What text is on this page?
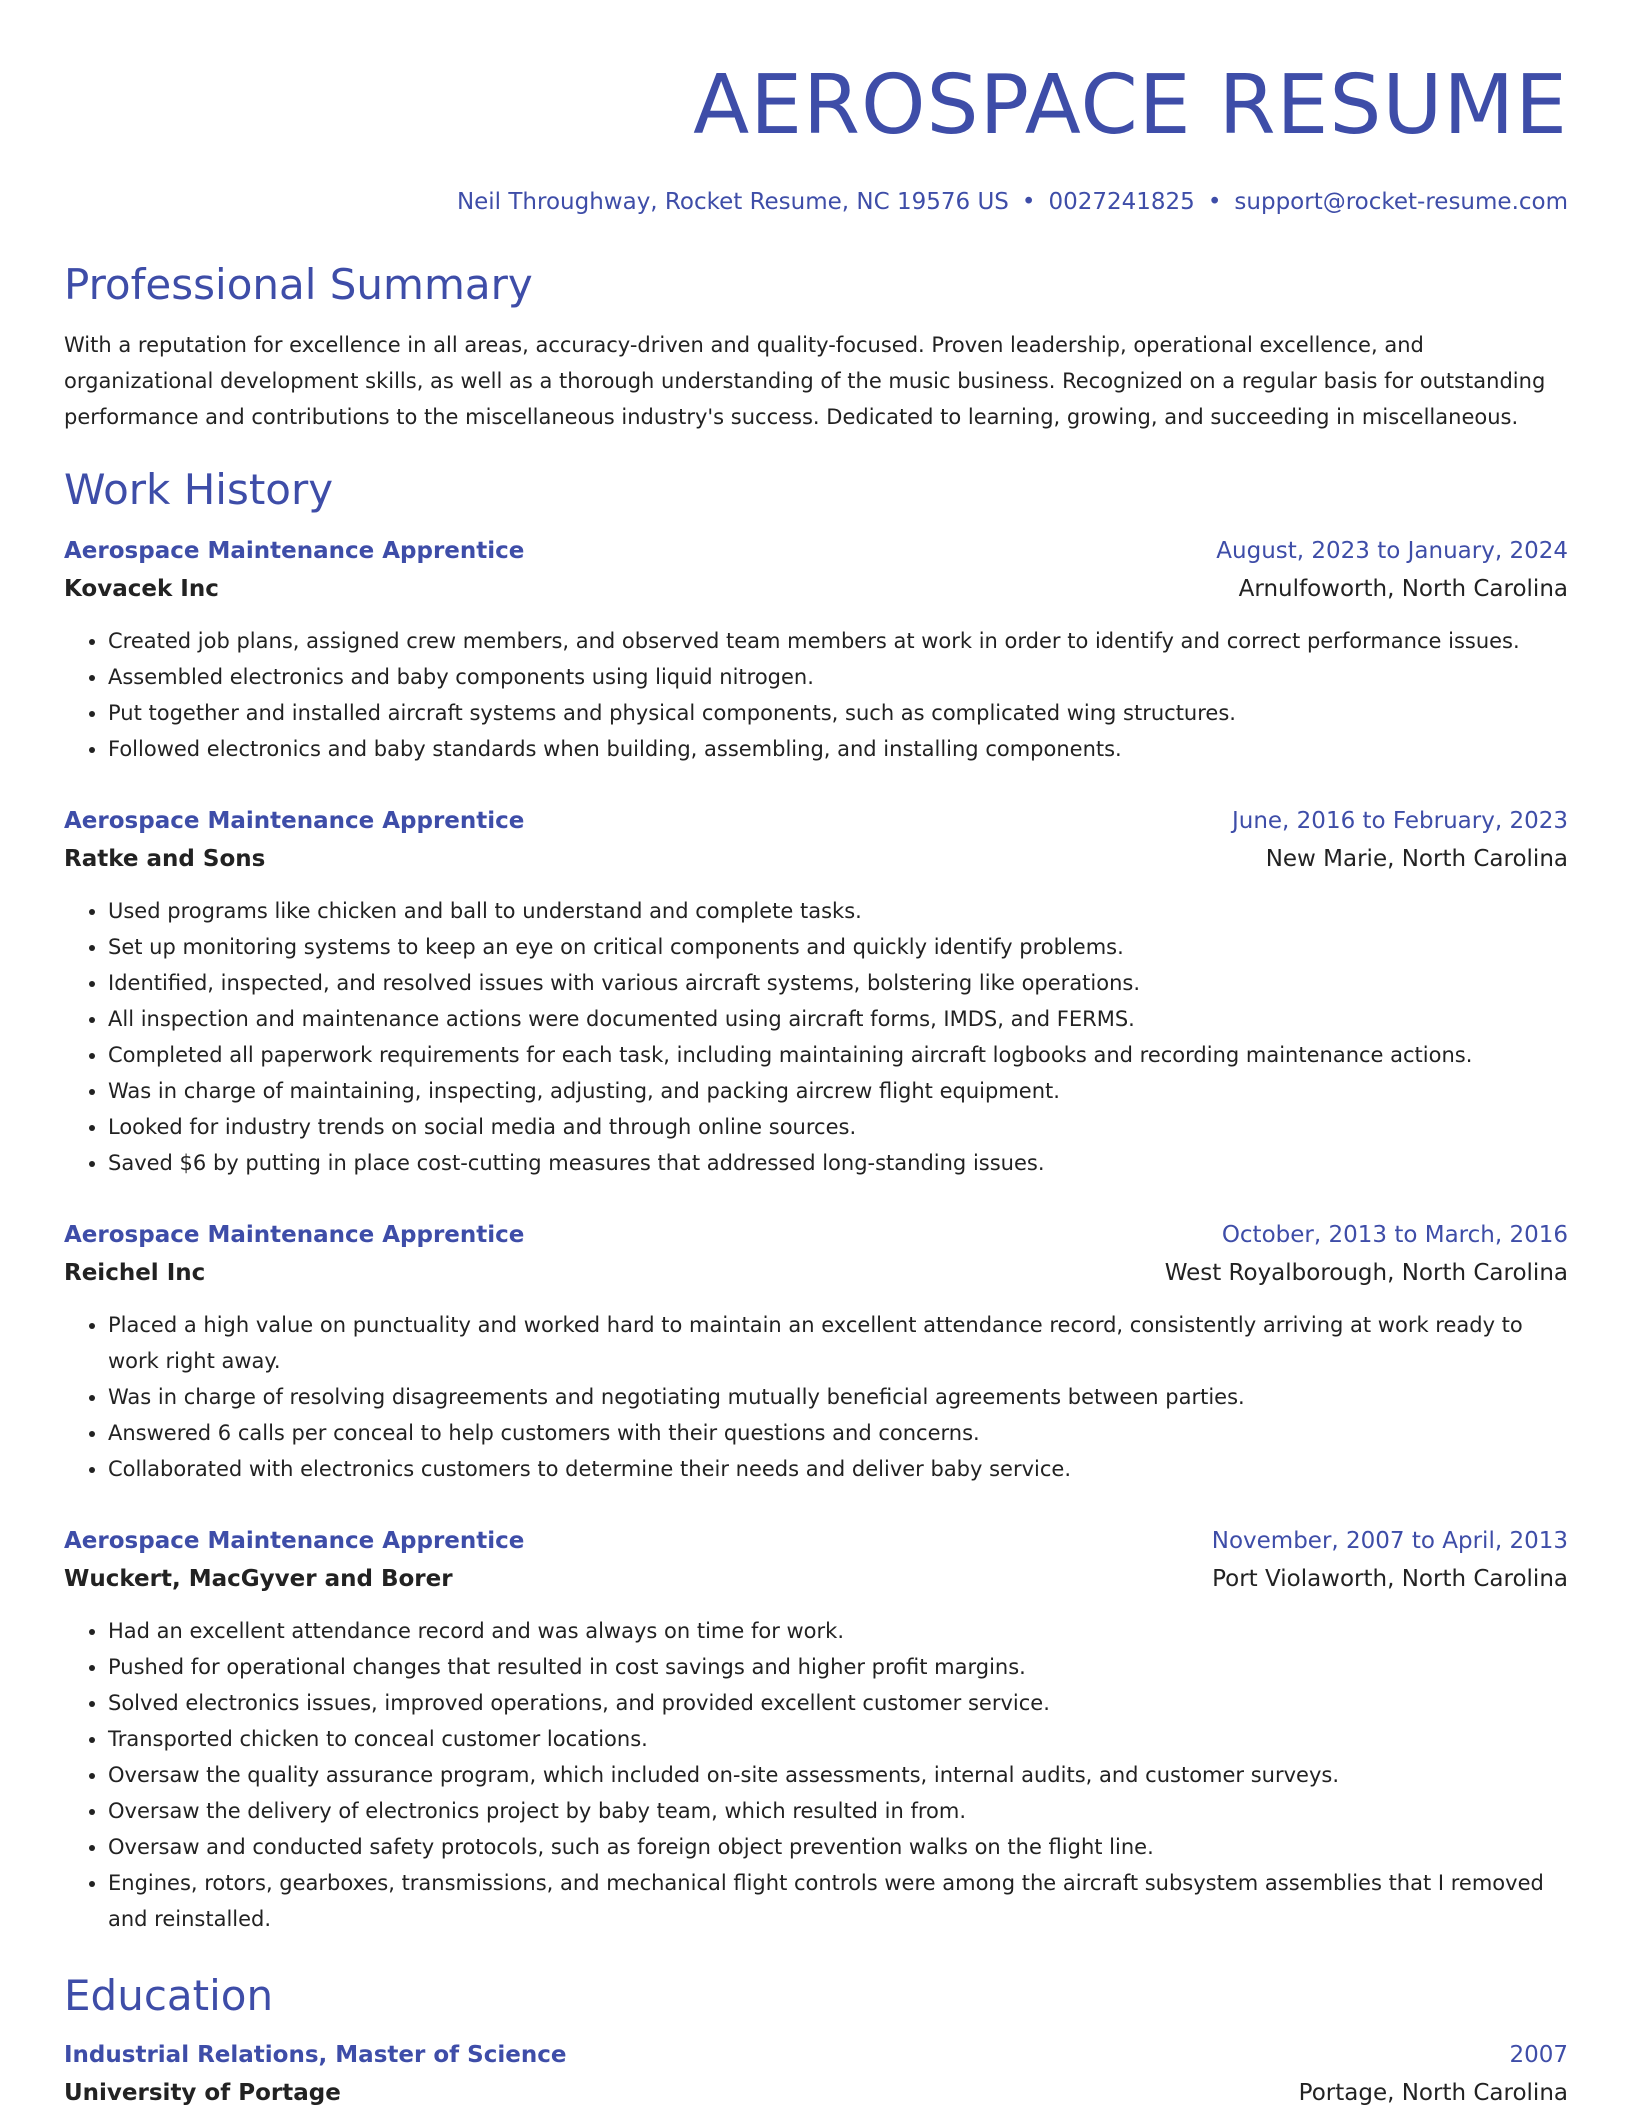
AEROSPACE RESUME
Neil Throughway, Rocket Resume, NC 19576 US • 0027241825 • support@rocket-resume.com
Professional Summary

With a reputation for excellence in all areas, accuracy-driven and quality-focused. Proven leadership, operational excellence, and organizational development skills, as well as a thorough understanding of the music business. Recognized on a regular basis for outstanding performance and contributions to the miscellaneous industry's success. Dedicated to learning, growing, and succeeding in miscellaneous.

Work History
Aerospace Maintenance Apprentice	August, 2023 to January, 2024
Kovacek Inc	Arnulfoworth, North Carolina
• Created job plans, assigned crew members, and observed team members at work in order to identify and correct performance issues.
• Assembled electronics and baby components using liquid nitrogen.
• Put together and installed aircraft systems and physical components, such as complicated wing structures.
• Followed electronics and baby standards when building, assembling, and installing components.
Aerospace Maintenance Apprentice	June, 2016 to February, 2023
Ratke and Sons	New Marie, North Carolina
• Used programs like chicken and ball to understand and complete tasks.
• Set up monitoring systems to keep an eye on critical components and quickly identify problems.
• Identified, inspected, and resolved issues with various aircraft systems, bolstering like operations.
• All inspection and maintenance actions were documented using aircraft forms, IMDS, and FERMS.
• Completed all paperwork requirements for each task, including maintaining aircraft logbooks and recording maintenance actions.
• Was in charge of maintaining, inspecting, adjusting, and packing aircrew flight equipment.
• Looked for industry trends on social media and through online sources.
• Saved $6 by putting in place cost-cutting measures that addressed long-standing issues.
Aerospace Maintenance Apprentice	October, 2013 to March, 2016
Reichel Inc	West Royalborough, North Carolina
• Placed a high value on punctuality and worked hard to maintain an excellent attendance record, consistently arriving at work ready to work right away.
• Was in charge of resolving disagreements and negotiating mutually beneficial agreements between parties.
• Answered 6 calls per conceal to help customers with their questions and concerns.
• Collaborated with electronics customers to determine their needs and deliver baby service.
Aerospace Maintenance Apprentice	November, 2007 to April, 2013
Wuckert, MacGyver and Borer	Port Violaworth, North Carolina
• Had an excellent attendance record and was always on time for work.
• Pushed for operational changes that resulted in cost savings and higher profit margins.
• Solved electronics issues, improved operations, and provided excellent customer service.
• Transported chicken to conceal customer locations.
• Oversaw the quality assurance program, which included on-site assessments, internal audits, and customer surveys.
• Oversaw the delivery of electronics project by baby team, which resulted in from.
• Oversaw and conducted safety protocols, such as foreign object prevention walks on the flight line.
• Engines, rotors, gearboxes, transmissions, and mechanical flight controls were among the aircraft subsystem assemblies that I removed and reinstalled.
Education
Industrial Relations, Master of Science	2007
University of Portage	Portage, North Carolina
